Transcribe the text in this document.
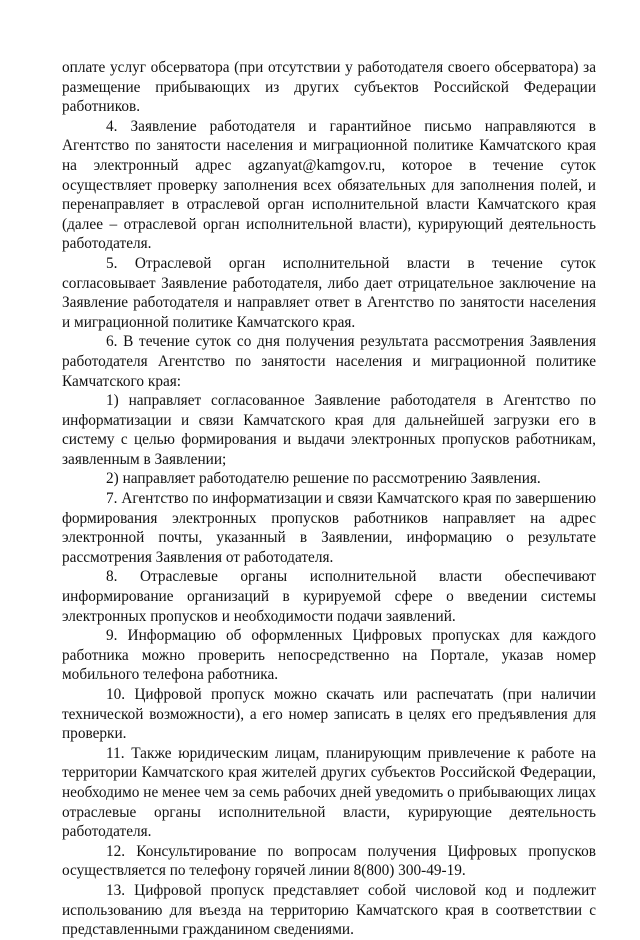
оплате услуг обсерватора (при отсутствии у работодателя своего обсерватора) за размещение прибывающих из других субъектов Российской Федерации работников.

4. Заявление работодателя и гарантийное письмо направляются в Агентство по занятости населения и миграционной политике Камчатского края на электронный адрес agzanyat@kamgov.ru, которое в течение суток осуществляет проверку заполнения всех обязательных для заполнения полей, и перенаправляет в отраслевой орган исполнительной власти Камчатского края (далее – отраслевой орган исполнительной власти), курирующий деятельность работодателя.

5. Отраслевой орган исполнительной власти в течение суток согласовывает Заявление работодателя, либо дает отрицательное заключение на Заявление работодателя и направляет ответ в Агентство по занятости населения и миграционной политике Камчатского края.

6. В течение суток со дня получения результата рассмотрения Заявления работодателя Агентство по занятости населения и миграционной политике Камчатского края:

1) направляет согласованное Заявление работодателя в Агентство по информатизации и связи Камчатского края для дальнейшей загрузки его в систему с целью формирования и выдачи электронных пропусков работникам, заявленным в Заявлении;

2) направляет работодателю решение по рассмотрению Заявления.

7. Агентство по информатизации и связи Камчатского края по завершению формирования электронных пропусков работников направляет на адрес электронной почты, указанный в Заявлении, информацию о результате рассмотрения Заявления от работодателя.

8. Отраслевые органы исполнительной власти обеспечивают информирование организаций в курируемой сфере о введении системы электронных пропусков и необходимости подачи заявлений.

9. Информацию об оформленных Цифровых пропусках для каждого работника можно проверить непосредственно на Портале, указав номер мобильного телефона работника.

10. Цифровой пропуск можно скачать или распечатать (при наличии технической возможности), а его номер записать в целях его предъявления для проверки.

11. Также юридическим лицам, планирующим привлечение к работе на территории Камчатского края жителей других субъектов Российской Федерации, необходимо не менее чем за семь рабочих дней уведомить о прибывающих лицах отраслевые органы исполнительной власти, курирующие деятельность работодателя.

12. Консультирование по вопросам получения Цифровых пропусков осуществляется по телефону горячей линии 8(800) 300-49-19.

13. Цифровой пропуск представляет собой числовой код и подлежит использованию для въезда на территорию Камчатского края в соответствии с представленными гражданином сведениями.
